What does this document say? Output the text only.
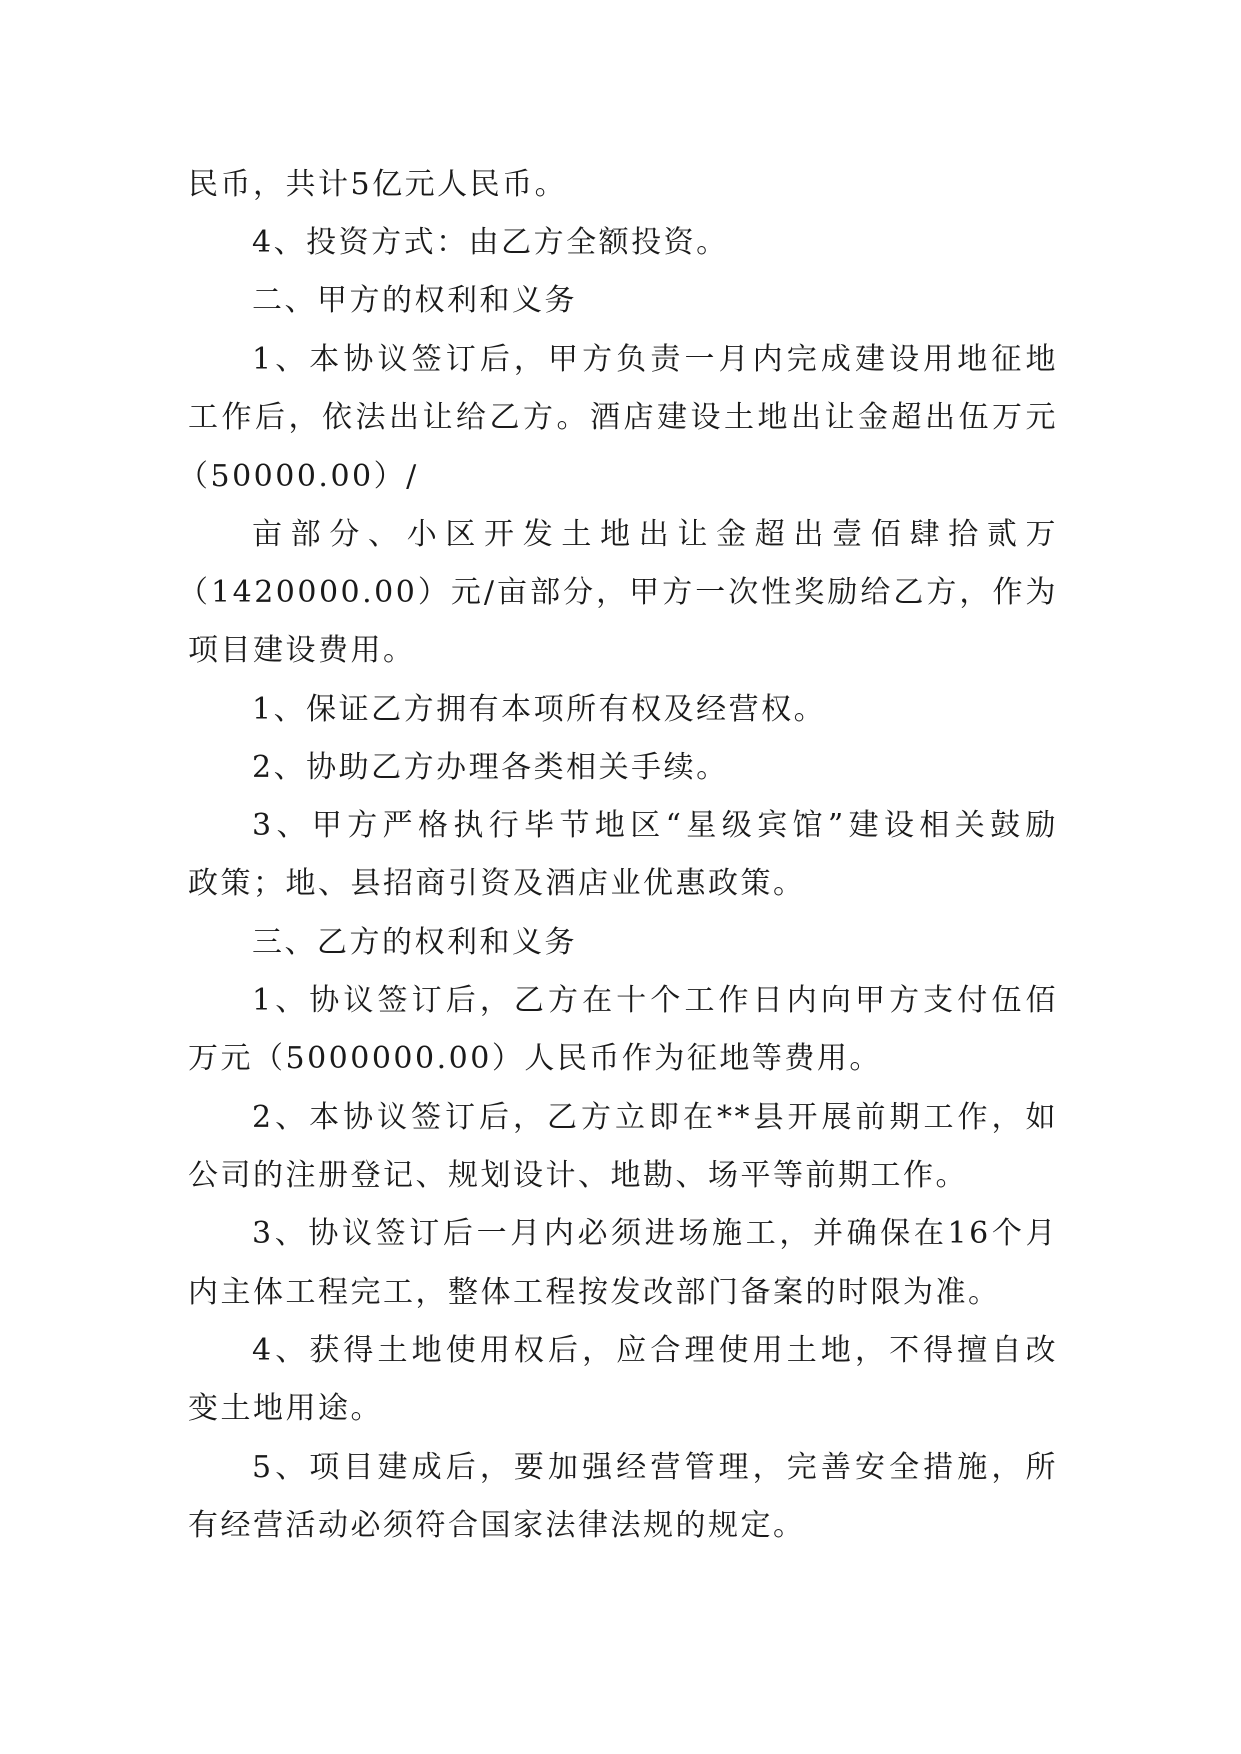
民币，共计5亿元人民币。
4、投资方式：由乙方全额投资。
二、甲方的权利和义务
1、本协议签订后，甲方负责一月内完成建设用地征地
工作后，依法出让给乙方。酒店建设土地出让金超出伍万元
（50000.00）/
亩部分、小区开发土地出让金超出壹佰肆拾贰万
（1420000.00）元/亩部分，甲方一次性奖励给乙方，作为
项目建设费用。
1、保证乙方拥有本项所有权及经营权。
2、协助乙方办理各类相关手续。
3、甲方严格执行毕节地区“星级宾馆”建设相关鼓励
政策；地、县招商引资及酒店业优惠政策。
三、乙方的权利和义务
1、协议签订后，乙方在十个工作日内向甲方支付伍佰
万元（5000000.00）人民币作为征地等费用。
2、本协议签订后，乙方立即在**县开展前期工作，如
公司的注册登记、规划设计、地勘、场平等前期工作。
3、协议签订后一月内必须进场施工，并确保在16个月
内主体工程完工，整体工程按发改部门备案的时限为准。
4、获得土地使用权后，应合理使用土地，不得擅自改
变土地用途。
5、项目建成后，要加强经营管理，完善安全措施，所
有经营活动必须符合国家法律法规的规定。
